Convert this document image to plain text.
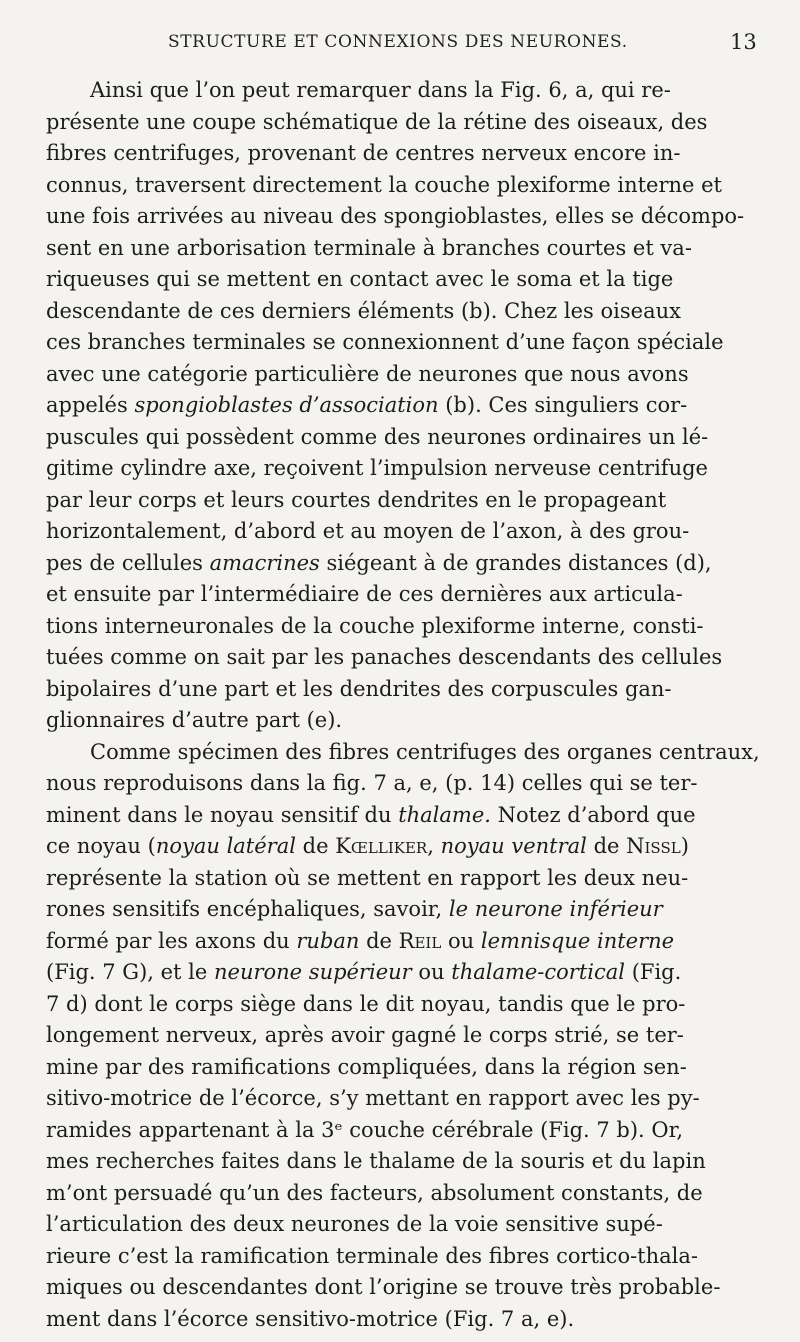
STRUCTURE ET CONNEXIONS DES NEURONES.	13
Ainsi que l’on peut remarquer dans la Fig. 6, a, qui re-
présente une coupe schématique de la rétine des oiseaux, des
fibres centrifuges, provenant de centres nerveux encore in-
connus, traversent directement la couche plexiforme interne et
une fois arrivées au niveau des spongioblastes, elles se décompo-
sent en une arborisation terminale à branches courtes et va-
riqueuses qui se mettent en contact avec le soma et la tige
descendante de ces derniers éléments (b). Chez les oiseaux
ces branches terminales se connexionnent d’une façon spéciale
avec une catégorie particulière de neurones que nous avons
appelés spongioblastes d’association (b). Ces singuliers cor-
puscules qui possèdent comme des neurones ordinaires un lé-
gitime cylindre axe, reçoivent l’impulsion nerveuse centrifuge
par leur corps et leurs courtes dendrites en le propageant
horizontalement, d’abord et au moyen de l’axon, à des grou-
pes de cellules amacrines siégeant à de grandes distances (d),
et ensuite par l’intermédiaire de ces dernières aux articula-
tions interneuronales de la couche plexiforme interne, consti-
tuées comme on sait par les panaches descendants des cellules
bipolaires d’une part et les dendrites des corpuscules gan-
glionnaires d’autre part (e).
Comme spécimen des fibres centrifuges des organes centraux,
nous reproduisons dans la fig. 7 a, e, (p. 14) celles qui se ter-
minent dans le noyau sensitif du thalame. Notez d’abord que
ce noyau (noyau latéral de Kœlliker, noyau ventral de Nissl)
représente la station où se mettent en rapport les deux neu-
rones sensitifs encéphaliques, savoir, le neurone inférieur
formé par les axons du ruban de Reil ou lemnisque interne
(Fig. 7 G), et le neurone supérieur ou thalame-cortical (Fig.
7 d) dont le corps siège dans le dit noyau, tandis que le pro-
longement nerveux, après avoir gagné le corps strié, se ter-
mine par des ramifications compliquées, dans la région sen-
sitivo-motrice de l’écorce, s’y mettant en rapport avec les py-
ramides appartenant à la 3ᵉ couche cérébrale (Fig. 7 b). Or,
mes recherches faites dans le thalame de la souris et du lapin
m’ont persuadé qu’un des facteurs, absolument constants, de
l’articulation des deux neurones de la voie sensitive supé-
rieure c’est la ramification terminale des fibres cortico-thala-
miques ou descendantes dont l’origine se trouve très probable-
ment dans l’écorce sensitivo-motrice (Fig. 7 a, e).
